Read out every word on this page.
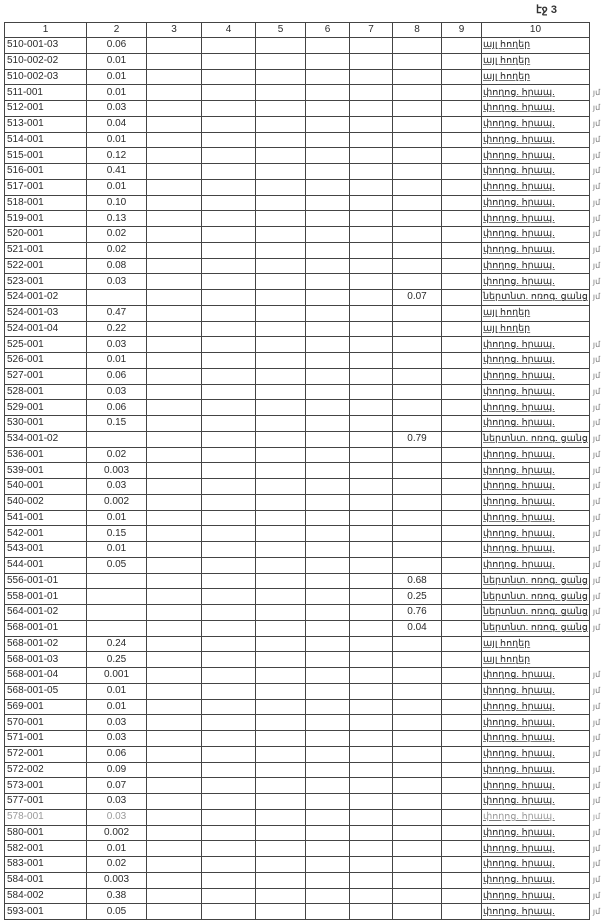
էջ 3
1	2	3	4	5	6	7	8	9	10	
510-001-03	0.06								այլ հողեր	
510-002-02	0.01								այլ հողեր	
510-002-03	0.01								այլ հողեր	
511-001	0.01								փողոց. հրապ.	յմ
512-001	0.03								փողոց. հրապ.	յմ
513-001	0.04								փողոց. հրապ.	յմ
514-001	0.01								փողոց. հրապ.	յմ
515-001	0.12								փողոց. հրապ.	յմ
516-001	0.41								փողոց. հրապ.	յմ
517-001	0.01								փողոց. հրապ.	յմ
518-001	0.10								փողոց. հրապ.	յմ
519-001	0.13								փողոց. հրապ.	յմ
520-001	0.02								փողոց. հրապ.	յմ
521-001	0.02								փողոց. հրապ.	յմ
522-001	0.08								փողոց. հրապ.	յմ
523-001	0.03								փողոց. հրապ.	յմ
524-001-02							0.07		ներտնտ. ոռոգ. ցանց	յմ
524-001-03	0.47								այլ հողեր	
524-001-04	0.22								այլ հողեր	
525-001	0.03								փողոց. հրապ.	յմ
526-001	0.01								փողոց. հրապ.	յմ
527-001	0.06								փողոց. հրապ.	յմ
528-001	0.03								փողոց. հրապ.	յմ
529-001	0.06								փողոց. հրապ.	յմ
530-001	0.15								փողոց. հրապ.	յմ
534-001-02							0.79		ներտնտ. ոռոգ. ցանց	յմ
536-001	0.02								փողոց. հրապ.	յմ
539-001	0.003								փողոց. հրապ.	յմ
540-001	0.03								փողոց. հրապ.	յմ
540-002	0.002								փողոց. հրապ.	յմ
541-001	0.01								փողոց. հրապ.	յմ
542-001	0.15								փողոց. հրապ.	յմ
543-001	0.01								փողոց. հրապ.	յմ
544-001	0.05								փողոց. հրապ.	յմ
556-001-01							0.68		ներտնտ. ոռոգ. ցանց	յմ
558-001-01							0.25		ներտնտ. ոռոգ. ցանց	յմ
564-001-02							0.76		ներտնտ. ոռոգ. ցանց	յմ
568-001-01							0.04		ներտնտ. ոռոգ. ցանց	յմ
568-001-02	0.24								այլ հողեր	
568-001-03	0.25								այլ հողեր	
568-001-04	0.001								փողոց. հրապ.	յմ
568-001-05	0.01								փողոց. հրապ.	յմ
569-001	0.01								փողոց. հրապ.	յմ
570-001	0.03								փողոց. հրապ.	յմ
571-001	0.03								փողոց. հրապ.	յմ
572-001	0.06								փողոց. հրապ.	յմ
572-002	0.09								փողոց. հրապ.	յմ
573-001	0.07								փողոց. հրապ.	յմ
577-001	0.03								փողոց. հրապ.	յմ
578-001	0.03								փողոց. հրապ.	յմ
580-001	0.002								փողոց. հրապ.	յմ
582-001	0.01								փողոց. հրապ.	յմ
583-001	0.02								փողոց. հրապ.	յմ
584-001	0.003								փողոց. հրապ.	յմ
584-002	0.38								փողոց. հրապ.	յմ
593-001	0.05								փողոց. հրապ.	յմ
